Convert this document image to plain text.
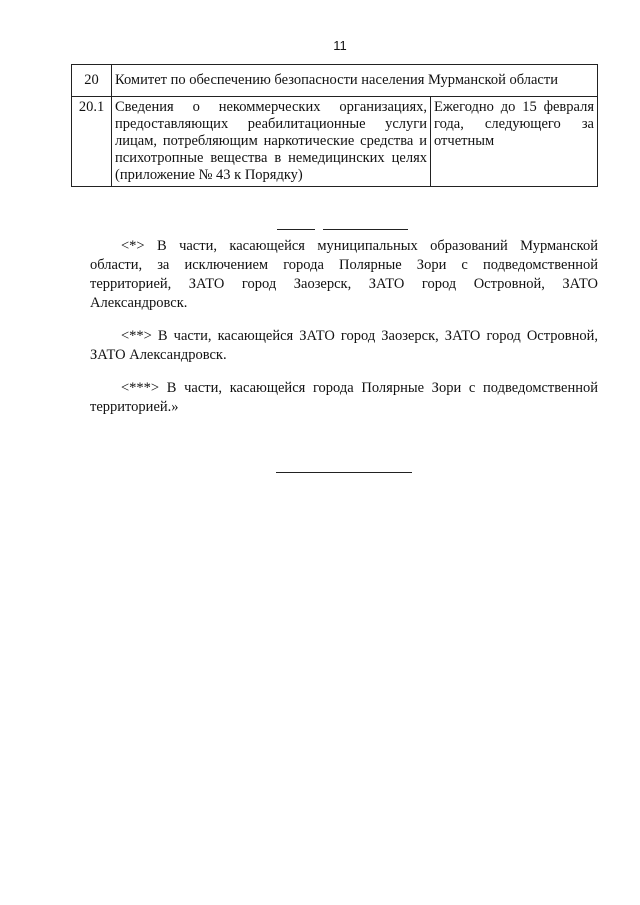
11
20	Комитет по обеспечению безопасности населения Мурманской области	
20.1	Сведения о некоммерческих организациях, предоставляющих реабилитационные услуги лицам, потребляющим наркотические средства и психотропные вещества в немедицинских целях (приложение № 43 к Порядку)	Ежегодно до 15 февраля года, следующего за отчетным

<*> В части, касающейся муниципальных образований Мурманской области, за исключением города Полярные Зори с подведомственной территорией, ЗАТО город Заозерск, ЗАТО город Островной, ЗАТО Александровск.

<**> В части, касающейся ЗАТО город Заозерск, ЗАТО город Островной, ЗАТО Александровск.

<***> В части, касающейся города Полярные Зори с подведомственной территорией.»
